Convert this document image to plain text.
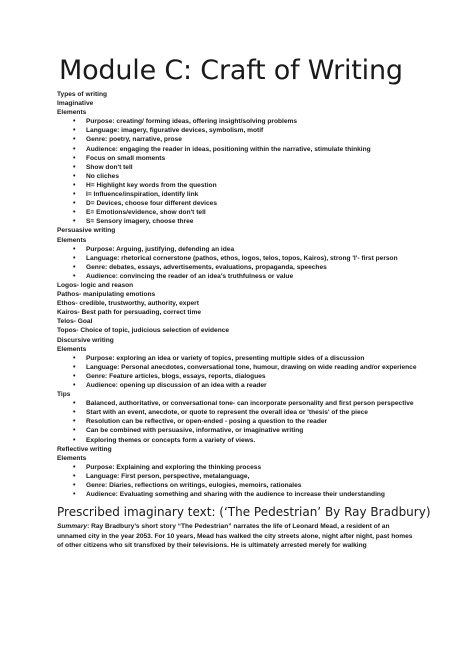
Module C: Craft of Writing
Types of writing
Imaginative
Elements
• Purpose: creating/ forming ideas, offering insight/solving problems
• Language: imagery, figurative devices, symbolism, motif
• Genre: poetry, narrative, prose
• Audience: engaging the reader in ideas, positioning within the narrative, stimulate thinking
• Focus on small moments
• Show don't tell
• No cliches
• H= Highlight key words from the question
• I= Influence/inspiration, identify link
• D= Devices, choose four different devices
• E= Emotions/evidence, show don't tell
• S= Sensory imagery, choose three
Persuasive writing
Elements
• Purpose: Arguing, justifying, defending an idea
• Language: rhetorical cornerstone (pathos, ethos, logos, telos, topos, Kairos), strong 'I'- first person
• Genre: debates, essays, advertisements, evaluations, propaganda, speeches
• Audience: convincing the reader of an idea's truthfulness or value
Logos- logic and reason
Pathos- manipulating emotions
Ethos- credible, trustworthy, authority, expert
Kairos- Best path for persuading, correct time
Telos- Goal
Topos- Choice of topic, judicious selection of evidence
Discursive writing
Elements
• Purpose: exploring an idea or variety of topics, presenting multiple sides of a discussion
• Language: Personal anecdotes, conversational tone, humour, drawing on wide reading and/or experience
• Genre: Feature articles, blogs, essays, reports, dialogues
• Audience: opening up discussion of an idea with a reader
Tips
• Balanced, authoritative, or conversational tone- can incorporate personality and first person perspective
• Start with an event, anecdote, or quote to represent the overall idea or 'thesis' of the piece
• Resolution can be reflective, or open-ended - posing a question to the reader
• Can be combined with persuasive, informative, or imaginative writing
• Exploring themes or concepts form a variety of views.
Reflective writing
Elements
• Purpose: Explaining and exploring the thinking process
• Language: First person, perspective, metalanguage,
• Genre: Diaries, reflections on writings, eulogies, memoirs, rationales
• Audience: Evaluating something and sharing with the audience to increase their understanding
Prescribed imaginary text: (‘The Pedestrian’ By Ray Bradbury)
Summary: Ray Bradbury’s short story “The Pedestrian” narrates the life of Leonard Mead, a resident of an unnamed city in the year 2053. For 10 years, Mead has walked the city streets alone, night after night, past homes of other citizens who sit transfixed by their televisions. He is ultimately arrested merely for walking
